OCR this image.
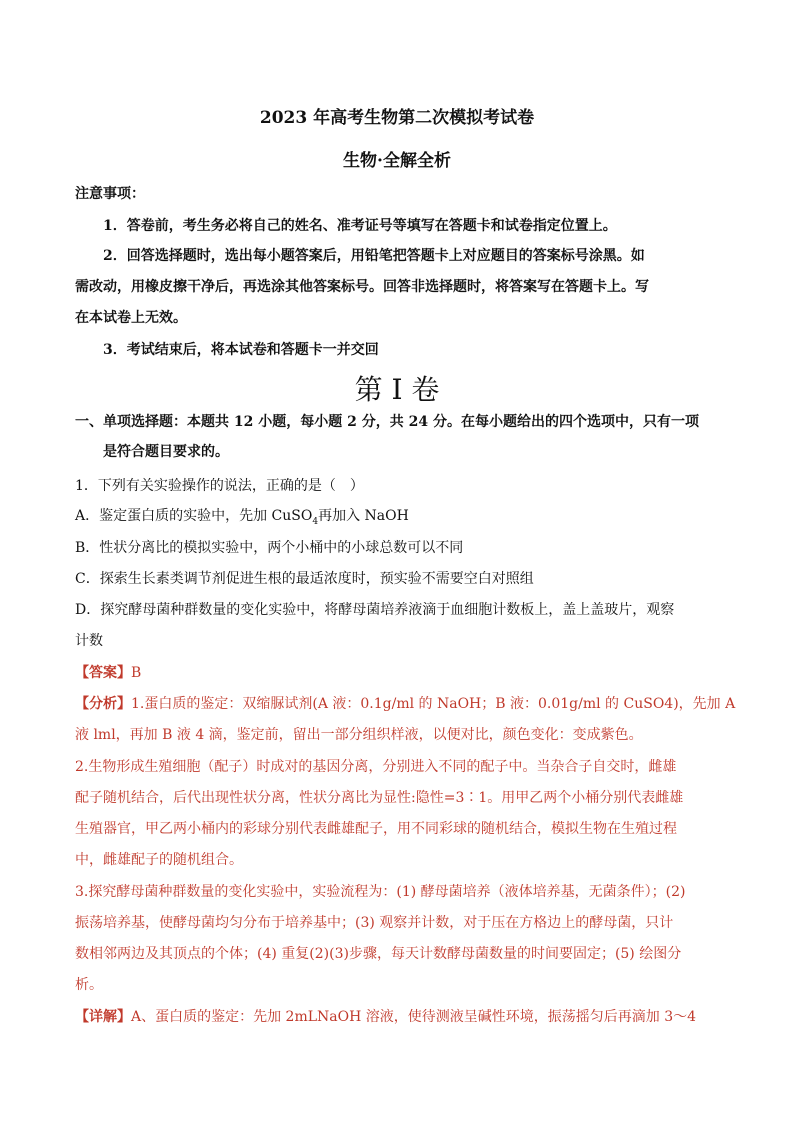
2023 年高考生物第二次模拟考试卷
生物·全解全析
注意事项：
1．答卷前，考生务必将自己的姓名、准考证号等填写在答题卡和试卷指定位置上。
2．回答选择题时，选出每小题答案后，用铅笔把答题卡上对应题目的答案标号涂黑。如
需改动，用橡皮擦干净后，再选涂其他答案标号。回答非选择题时，将答案写在答题卡上。写
在本试卷上无效。
3．考试结束后，将本试卷和答题卡一并交回
第 I 卷
一、单项选择题：本题共 12 小题，每小题 2 分，共 24 分。在每小题给出的四个选项中，只有一项
是符合题目要求的。
1．下列有关实验操作的说法，正确的是（　）
A．鉴定蛋白质的实验中，先加 CuSO$_4$再加入 NaOH
B．性状分离比的模拟实验中，两个小桶中的小球总数可以不同
C．探索生长素类调节剂促进生根的最适浓度时，预实验不需要空白对照组
D．探究酵母菌种群数量的变化实验中，将酵母菌培养液滴于血细胞计数板上，盖上盖玻片，观察
计数
【答案】B
【分析】1.蛋白质的鉴定：双缩脲试剂(A 液：0.1g/ml 的 NaOH；B 液：0.01g/ml 的 CuSO4)，先加 A
液 lml，再加 B 液 4 滴，鉴定前，留出一部分组织样液，以便对比，颜色变化：变成紫色。
2.生物形成生殖细胞（配子）时成对的基因分离，分别进入不同的配子中。当杂合子自交时，雌雄
配子随机结合，后代出现性状分离，性状分离比为显性:隐性=3∶1。用甲乙两个小桶分别代表雌雄
生殖器官，甲乙两小桶内的彩球分别代表雌雄配子，用不同彩球的随机结合，模拟生物在生殖过程
中，雌雄配子的随机组合。
3.探究酵母菌种群数量的变化实验中，实验流程为：(1) 酵母菌培养（液体培养基，无菌条件）；(2)
振荡培养基，使酵母菌均匀分布于培养基中；(3) 观察并计数，对于压在方格边上的酵母菌，只计
数相邻两边及其顶点的个体；(4) 重复(2)(3)步骤，每天计数酵母菌数量的时间要固定；(5) 绘图分
析。
【详解】A、蛋白质的鉴定：先加 2mLNaOH 溶液，使待测液呈碱性环境，振荡摇匀后再滴加 3～4
